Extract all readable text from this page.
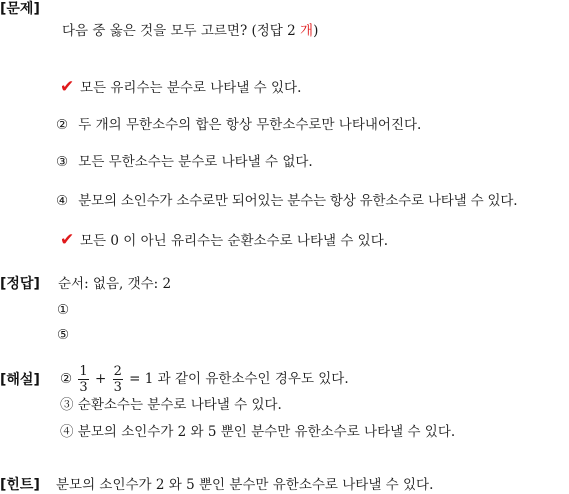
[문제]
다음 중 옳은 것을 모두 고르면? (정답 2 개)
✔ 모든 유리수는 분수로 나타낼 수 있다.
② 두 개의 무한소수의 합은 항상 무한소수로만 나타내어진다.
③ 모든 무한소수는 분수로 나타낼 수 없다.
④ 분모의 소인수가 소수로만 되어있는 분수는 항상 유한소수로 나타낼 수 있다.
✔ 모든 0 이 아닌 유리수는 순환소수로 나타낼 수 있다.
[정답] 순서: 없음, 갯수: 2
①
⑤
[해설] ② $\frac{1}{3} + \frac{2}{3} = 1$ 과 같이 유한소수인 경우도 있다.
③ 순환소수는 분수로 나타낼 수 있다.
④ 분모의 소인수가 2 와 5 뿐인 분수만 유한소수로 나타낼 수 있다.
[힌트] 분모의 소인수가 2 와 5 뿐인 분수만 유한소수로 나타낼 수 있다.
